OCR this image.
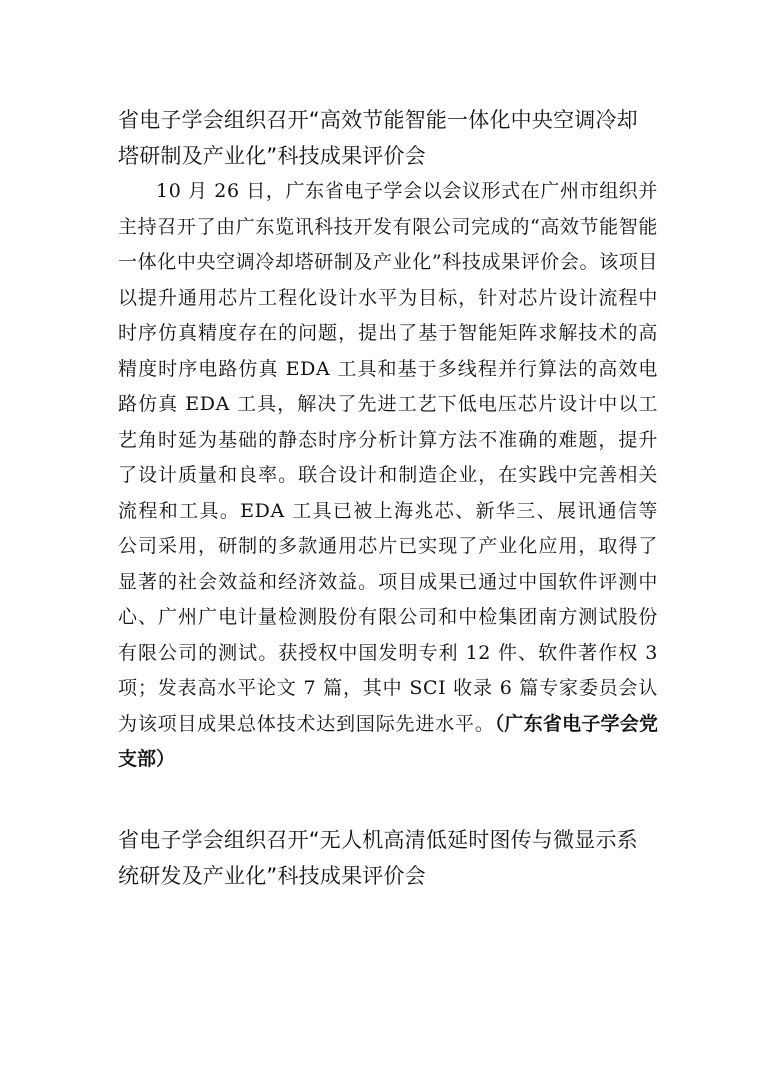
省电子学会组织召开“高效节能智能一体化中央空调冷却塔研制及产业化”科技成果评价会

10 月 26 日，广东省电子学会以会议形式在广州市组织并主持召开了由广东览讯科技开发有限公司完成的“高效节能智能一体化中央空调冷却塔研制及产业化”科技成果评价会。该项目以提升通用芯片工程化设计水平为目标，针对芯片设计流程中时序仿真精度存在的问题，提出了基于智能矩阵求解技术的高精度时序电路仿真 EDA 工具和基于多线程并行算法的高效电路仿真 EDA 工具，解决了先进工艺下低电压芯片设计中以工艺角时延为基础的静态时序分析计算方法不准确的难题，提升了设计质量和良率。联合设计和制造企业，在实践中完善相关流程和工具。EDA 工具已被上海兆芯、新华三、展讯通信等公司采用，研制的多款通用芯片已实现了产业化应用，取得了显著的社会效益和经济效益。项目成果已通过中国软件评测中心、广州广电计量检测股份有限公司和中检集团南方测试股份有限公司的测试。获授权中国发明专利 12 件、软件著作权 3 项；发表高水平论文 7 篇，其中 SCI 收录 6 篇专家委员会认为该项目成果总体技术达到国际先进水平。（广东省电子学会党支部）

省电子学会组织召开“无人机高清低延时图传与微显示系统研发及产业化”科技成果评价会
